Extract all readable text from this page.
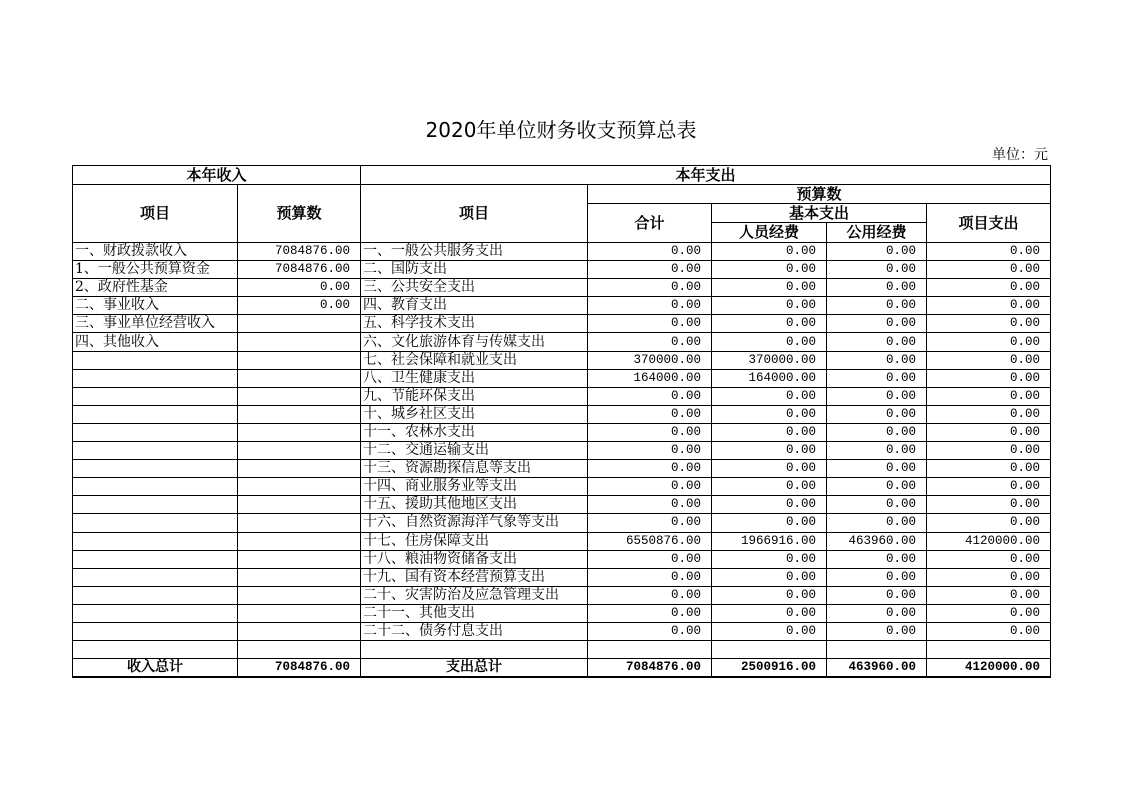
2020年单位财务收支预算总表
单位：元
本年收入		本年支出				
项目	预算数	项目	预算数			
			合计	基本支出		项目支出
				人员经费	公用经费	
一、财政拨款收入	7084876.00	一、一般公共服务支出	0.00	0.00	0.00	0.00
1、一般公共预算资金	7084876.00	二、国防支出	0.00	0.00	0.00	0.00
2、政府性基金	0.00	三、公共安全支出	0.00	0.00	0.00	0.00
二、事业收入	0.00	四、教育支出	0.00	0.00	0.00	0.00
三、事业单位经营收入		五、科学技术支出	0.00	0.00	0.00	0.00
四、其他收入		六、文化旅游体育与传媒支出	0.00	0.00	0.00	0.00
		七、社会保障和就业支出	370000.00	370000.00	0.00	0.00
		八、卫生健康支出	164000.00	164000.00	0.00	0.00
		九、节能环保支出	0.00	0.00	0.00	0.00
		十、城乡社区支出	0.00	0.00	0.00	0.00
		十一、农林水支出	0.00	0.00	0.00	0.00
		十二、交通运输支出	0.00	0.00	0.00	0.00
		十三、资源勘探信息等支出	0.00	0.00	0.00	0.00
		十四、商业服务业等支出	0.00	0.00	0.00	0.00
		十五、援助其他地区支出	0.00	0.00	0.00	0.00
		十六、自然资源海洋气象等支出	0.00	0.00	0.00	0.00
		十七、住房保障支出	6550876.00	1966916.00	463960.00	4120000.00
		十八、粮油物资储备支出	0.00	0.00	0.00	0.00
		十九、国有资本经营预算支出	0.00	0.00	0.00	0.00
		二十、灾害防治及应急管理支出	0.00	0.00	0.00	0.00
		二十一、其他支出	0.00	0.00	0.00	0.00
		二十二、债务付息支出	0.00	0.00	0.00	0.00

收入总计	7084876.00	支出总计	7084876.00	2500916.00	463960.00	4120000.00
